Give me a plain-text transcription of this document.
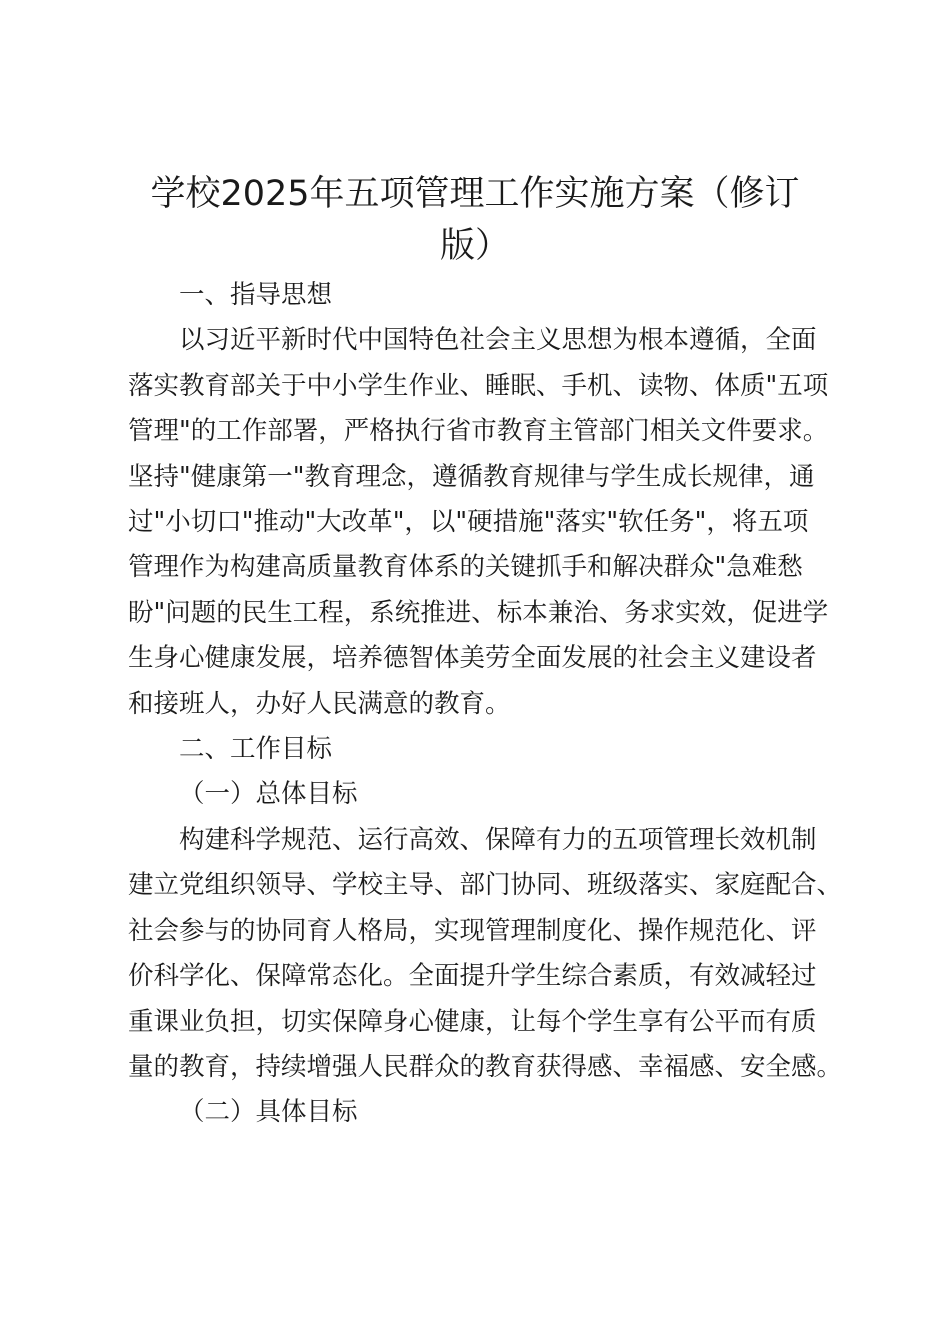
学校2025年五项管理工作实施方案（修订版）

一、指导思想

以习近平新时代中国特色社会主义思想为根本遵循，全面
落实教育部关于中小学生作业、睡眠、手机、读物、体质"五项
管理"的工作部署，严格执行省市教育主管部门相关文件要求。
坚持"健康第一"教育理念，遵循教育规律与学生成长规律，通
过"小切口"推动"大改革"，以"硬措施"落实"软任务"，将五项
管理作为构建高质量教育体系的关键抓手和解决群众"急难愁
盼"问题的民生工程，系统推进、标本兼治、务求实效，促进学
生身心健康发展，培养德智体美劳全面发展的社会主义建设者
和接班人，办好人民满意的教育。

二、工作目标

（一）总体目标

构建科学规范、运行高效、保障有力的五项管理长效机制
建立党组织领导、学校主导、部门协同、班级落实、家庭配合、
社会参与的协同育人格局，实现管理制度化、操作规范化、评
价科学化、保障常态化。全面提升学生综合素质，有效减轻过
重课业负担，切实保障身心健康，让每个学生享有公平而有质
量的教育，持续增强人民群众的教育获得感、幸福感、安全感。

（二）具体目标
